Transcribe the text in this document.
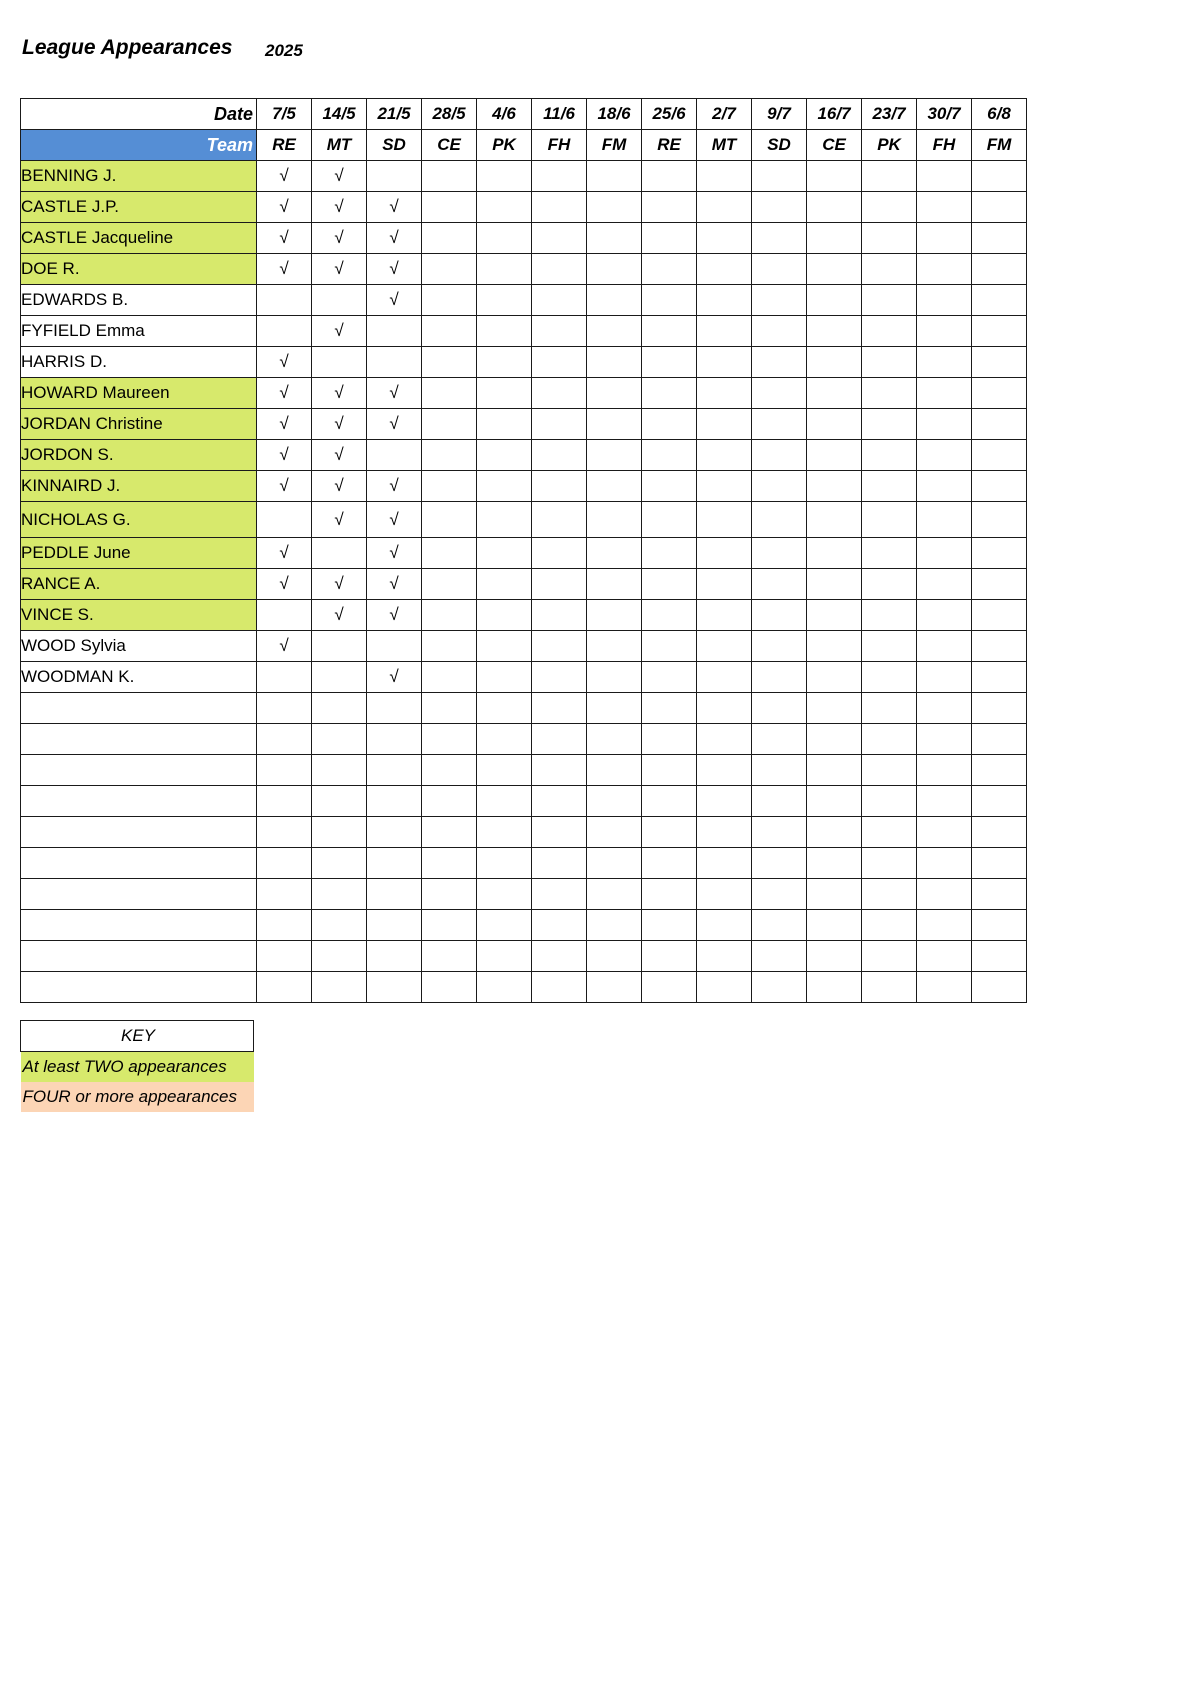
League Appearances 2025
Date	7/5	14/5	21/5	28/5	4/6	11/6	18/6	25/6	2/7	9/7	16/7	23/7	30/7	6/8
Team	RE	MT	SD	CE	PK	FH	FM	RE	MT	SD	CE	PK	FH	FM
BENNING J.	√	√												
CASTLE J.P.	√	√	√											
CASTLE Jacqueline	√	√	√											
DOE R.	√	√	√											
EDWARDS B.			√											
FYFIELD Emma		√												
HARRIS D.	√													
HOWARD Maureen	√	√	√											
JORDAN Christine	√	√	√											
JORDON S.	√	√												
KINNAIRD J.	√	√	√											
NICHOLAS G.		√	√											
PEDDLE June	√		√											
RANCE A.	√	√	√											
VINCE S.		√	√											
WOOD Sylvia	√													
WOODMAN K.			√											

KEY
At least TWO appearances
FOUR or more appearances
